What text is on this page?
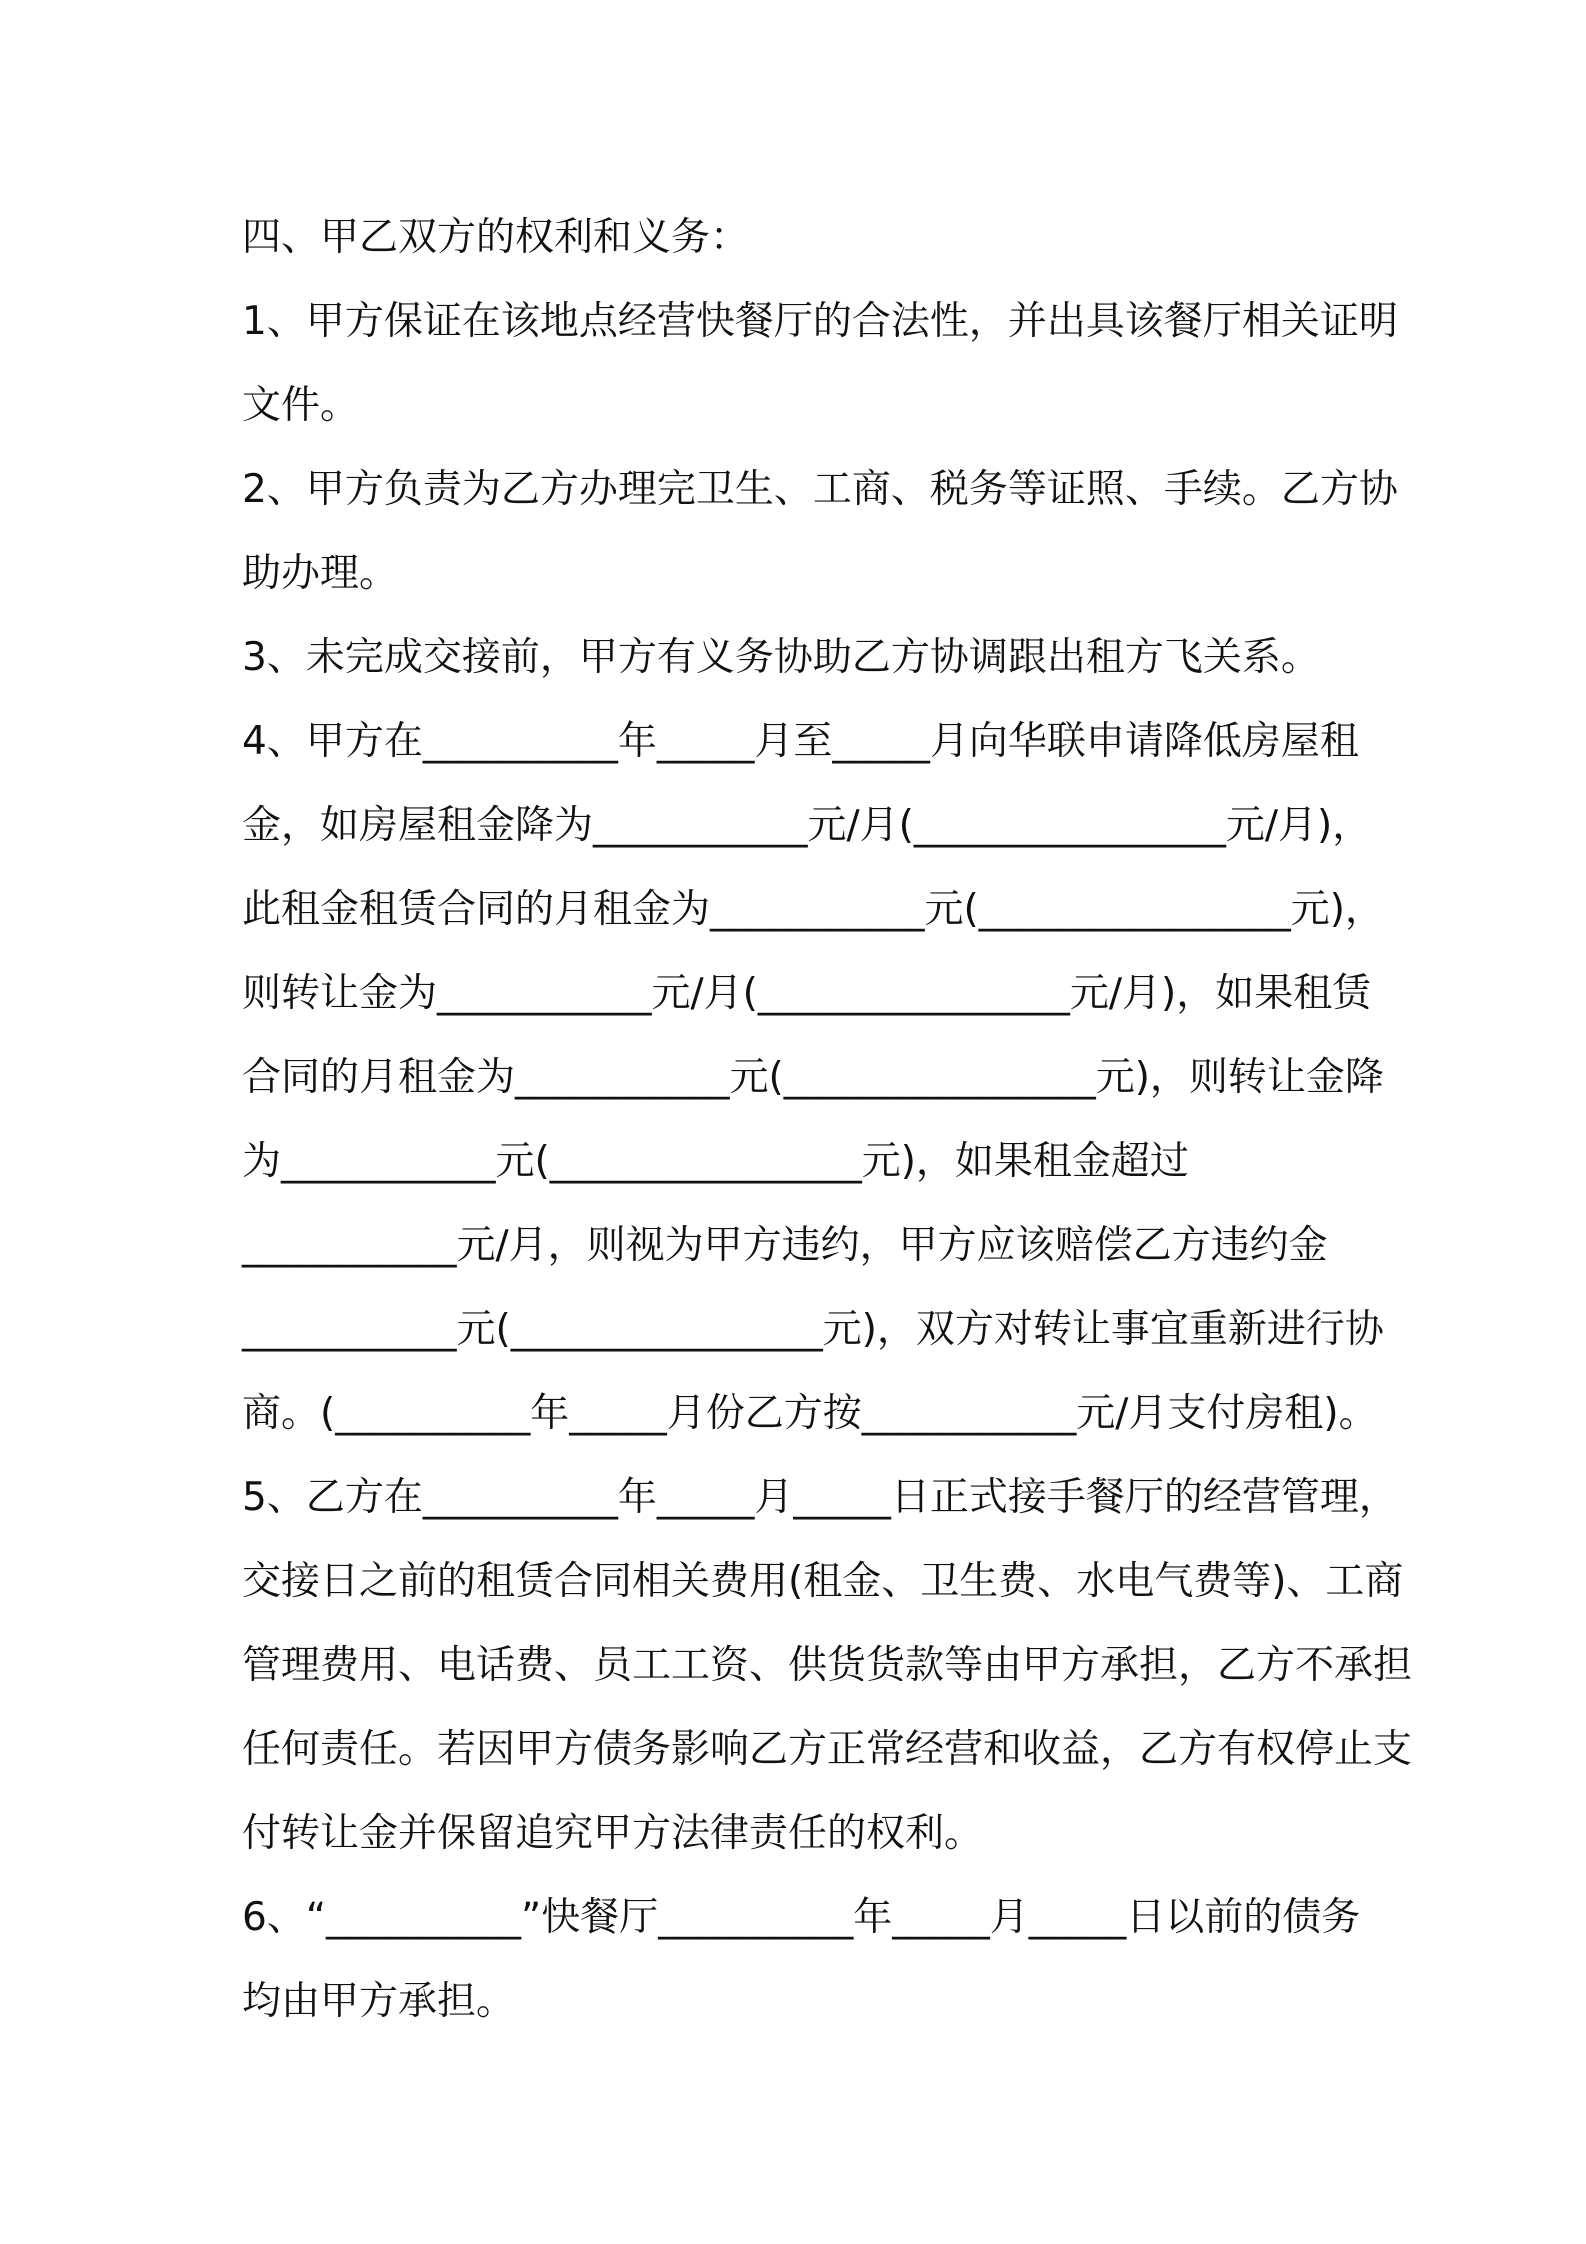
四、甲乙双方的权利和义务：
1、甲方保证在该地点经营快餐厅的合法性，并出具该餐厅相关证明
文件。
2、甲方负责为乙方办理完卫生、工商、税务等证照、手续。乙方协
助办理。
3、未完成交接前，甲方有义务协助乙方协调跟出租方飞关系。
4、甲方在__________年_____月至_____月向华联申请降低房屋租
金，如房屋租金降为___________元/月(________________元/月)，
此租金租赁合同的月租金为___________元(________________元)，
则转让金为___________元/月(________________元/月)，如果租赁
合同的月租金为___________元(________________元)，则转让金降
为___________元(________________元)，如果租金超过
___________元/月，则视为甲方违约，甲方应该赔偿乙方违约金
___________元(________________元)，双方对转让事宜重新进行协
商。(__________年_____月份乙方按___________元/月支付房租)。
5、乙方在__________年_____月_____日正式接手餐厅的经营管理，
交接日之前的租赁合同相关费用(租金、卫生费、水电气费等)、工商
管理费用、电话费、员工工资、供货货款等由甲方承担，乙方不承担
任何责任。若因甲方债务影响乙方正常经营和收益，乙方有权停止支
付转让金并保留追究甲方法律责任的权利。
6、“__________”快餐厅__________年_____月_____日以前的债务
均由甲方承担。
